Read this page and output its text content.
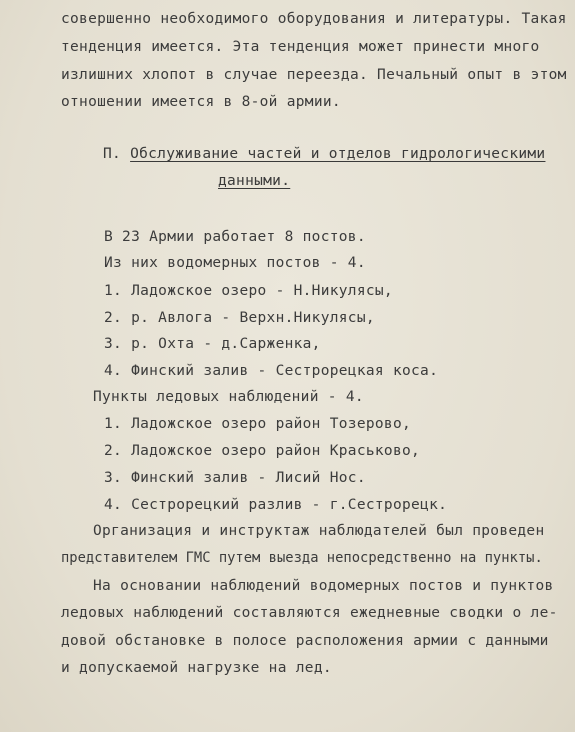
совершенно необходимого оборудования и литературы. Такая
тенденция имеется. Эта тенденция может принести много
излишних хлопот в случае переезда. Печальный опыт в этом
отношении имеется в 8-ой армии.
П. Обслуживание частей и отделов гидрологическими
данными.
В 23 Армии работает 8 постов.
Из них водомерных постов - 4.
1. Ладожское озеро - Н.Никулясы,
2. р. Авлога - Верхн.Никулясы,
3. р. Охта - д.Сарженка,
4. Финский залив - Сестрорецкая коса.
Пункты ледовых наблюдений - 4.
1. Ладожское озеро район Тозерово,
2. Ладожское озеро район Краськово,
3. Финский залив - Лисий Нос.
4. Сестрорецкий разлив - г.Сестрорецк.
Организация и инструктаж наблюдателей был проведен
представителем ГМС путем выезда непосредственно на пункты.
На основании наблюдений водомерных постов и пунктов
ледовых наблюдений составляются ежедневные сводки о ле-
довой обстановке в полосе расположения армии с данными
и допускаемой нагрузке на лед.
